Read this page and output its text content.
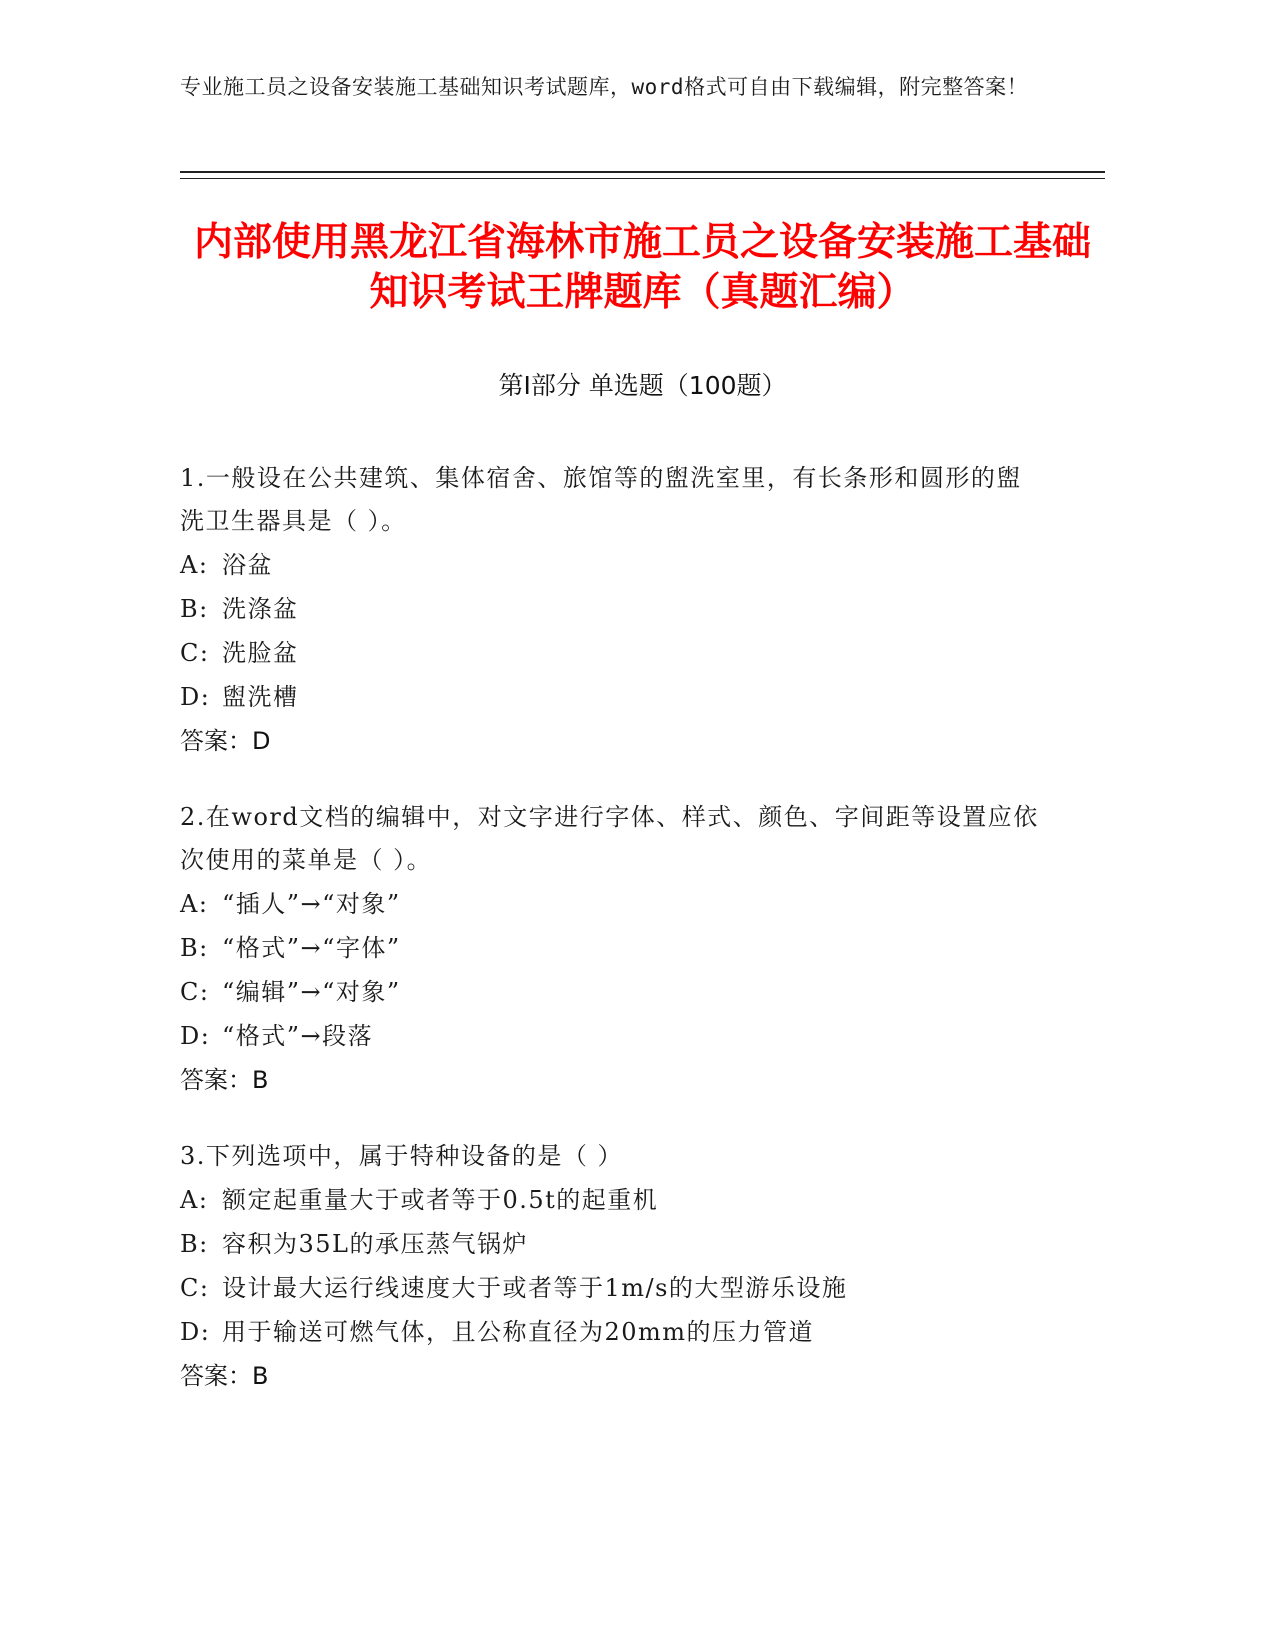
专业施工员之设备安装施工基础知识考试题库，word格式可自由下载编辑，附完整答案！
内部使用黑龙江省海林市施工员之设备安装施工基础知识考试王牌题库（真题汇编）
第Ⅰ部分 单选题（100题）
1.一般设在公共建筑、集体宿舍、旅馆等的盥洗室里，有长条形和圆形的盥洗卫生器具是（ ）。
A: 浴盆
B: 洗涤盆
C: 洗脸盆
D: 盥洗槽
答案：D
2.在word文档的编辑中，对文字进行字体、样式、颜色、字间距等设置应依次使用的菜单是（ ）。
A: “插人”→“对象”
B: “格式”→“字体”
C: “编辑”→“对象”
D: “格式”→段落
答案：B
3.下列选项中，属于特种设备的是（ ）
A: 额定起重量大于或者等于0.5t的起重机
B: 容积为35L的承压蒸气锅炉
C: 设计最大运行线速度大于或者等于1m/s的大型游乐设施
D: 用于输送可燃气体，且公称直径为20mm的压力管道
答案：B
